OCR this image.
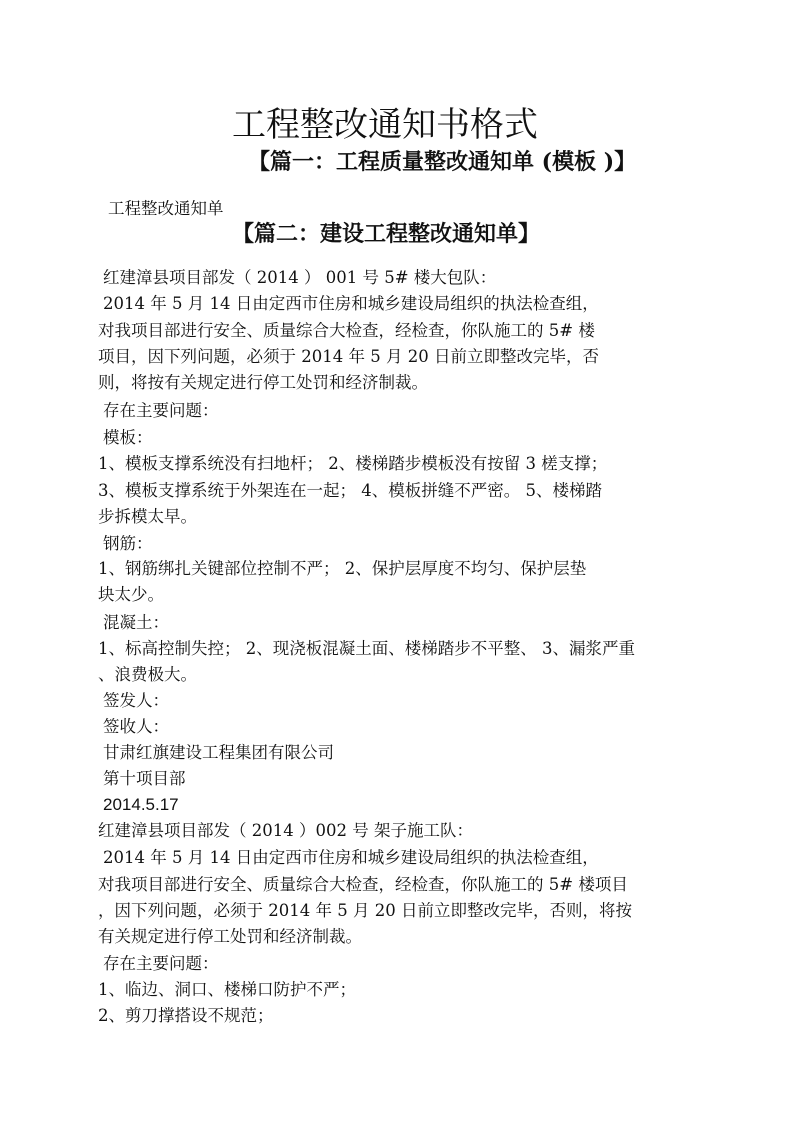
工程整改通知书格式
【篇一：工程质量整改通知单 (模板 )】

工程整改通知单

【篇二：建设工程整改通知单】

红建漳县项目部发（ 2014 ） 001 号 5# 楼大包队：

2014 年 5 月 14 日由定西市住房和城乡建设局组织的执法检查组，

对我项目部进行安全、质量综合大检查，经检查，你队施工的 5# 楼

项目，因下列问题，必须于 2014 年 5 月 20 日前立即整改完毕，否

则，将按有关规定进行停工处罚和经济制裁。

存在主要问题：

模板：

1、模板支撑系统没有扫地杆； 2、楼梯踏步模板没有按留 3 槎支撑；

3、模板支撑系统于外架连在一起； 4、模板拼缝不严密。 5、楼梯踏

步拆模太早。

钢筋：

1、钢筋绑扎关键部位控制不严； 2、保护层厚度不均匀、保护层垫

块太少。

混凝土：

1、标高控制失控； 2、现浇板混凝土面、楼梯踏步不平整、 3、漏浆严重

、浪费极大。

签发人：

签收人：

甘肃红旗建设工程集团有限公司

第十项目部

2014.5.17

红建漳县项目部发（ 2014 ）002 号 架子施工队：

2014 年 5 月 14 日由定西市住房和城乡建设局组织的执法检查组，

对我项目部进行安全、质量综合大检查，经检查，你队施工的 5# 楼项目

，因下列问题，必须于 2014 年 5 月 20 日前立即整改完毕，否则，将按

有关规定进行停工处罚和经济制裁。

存在主要问题：

1、临边、洞口、楼梯口防护不严；

2、剪刀撑搭设不规范；
